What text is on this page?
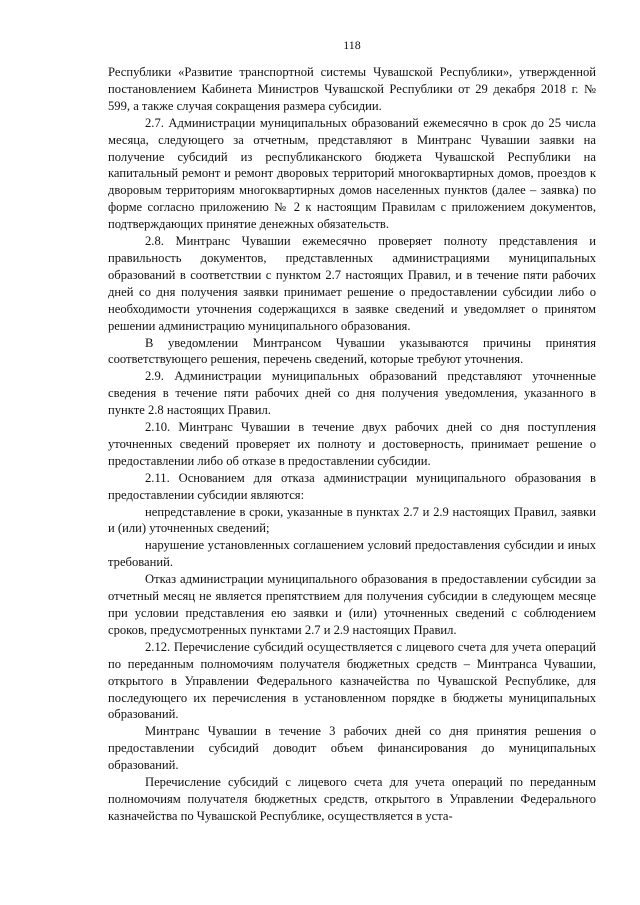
118

Республики «Развитие транспортной системы Чувашской Республики», утвержденной постановлением Кабинета Министров Чувашской Республики от 29 декабря 2018 г. № 599, а также случая сокращения размера субсидии.

2.7. Администрации муниципальных образований ежемесячно в срок до 25 числа месяца, следующего за отчетным, представляют в Минтранс Чувашии заявки на получение субсидий из республиканского бюджета Чувашской Республики на капитальный ремонт и ремонт дворовых территорий многоквартирных домов, проездов к дворовым территориям многоквартирных домов населенных пунктов (далее – заявка) по форме согласно приложению № 2 к настоящим Правилам с приложением документов, подтверждающих принятие денежных обязательств.

2.8. Минтранс Чувашии ежемесячно проверяет полноту представления и правильность документов, представленных администрациями муниципальных образований в соответствии с пунктом 2.7 настоящих Правил, и в течение пяти рабочих дней со дня получения заявки принимает решение о предоставлении субсидии либо о необходимости уточнения содержащихся в заявке сведений и уведомляет о принятом решении администрацию муниципального образования.

В уведомлении Минтрансом Чувашии указываются причины принятия соответствующего решения, перечень сведений, которые требуют уточнения.

2.9. Администрации муниципальных образований представляют уточненные сведения в течение пяти рабочих дней со дня получения уведомления, указанного в пункте 2.8 настоящих Правил.

2.10. Минтранс Чувашии в течение двух рабочих дней со дня поступления уточненных сведений проверяет их полноту и достоверность, принимает решение о предоставлении либо об отказе в предоставлении субсидии.

2.11. Основанием для отказа администрации муниципального образования в предоставлении субсидии являются:

непредставление в сроки, указанные в пунктах 2.7 и 2.9 настоящих Правил, заявки и (или) уточненных сведений;

нарушение установленных соглашением условий предоставления субсидии и иных требований.

Отказ администрации муниципального образования в предоставлении субсидии за отчетный месяц не является препятствием для получения субсидии в следующем месяце при условии представления ею заявки и (или) уточненных сведений с соблюдением сроков, предусмотренных пунктами 2.7 и 2.9 настоящих Правил.

2.12. Перечисление субсидий осуществляется с лицевого счета для учета операций по переданным полномочиям получателя бюджетных средств – Минтранса Чувашии, открытого в Управлении Федерального казначейства по Чувашской Республике, для последующего их перечисления в установленном порядке в бюджеты муниципальных образований.

Минтранс Чувашии в течение 3 рабочих дней со дня принятия решения о предоставлении субсидий доводит объем финансирования до муниципальных образований.

Перечисление субсидий с лицевого счета для учета операций по переданным полномочиям получателя бюджетных средств, открытого в Управлении Федерального казначейства по Чувашской Республике, осуществляется в уста-
